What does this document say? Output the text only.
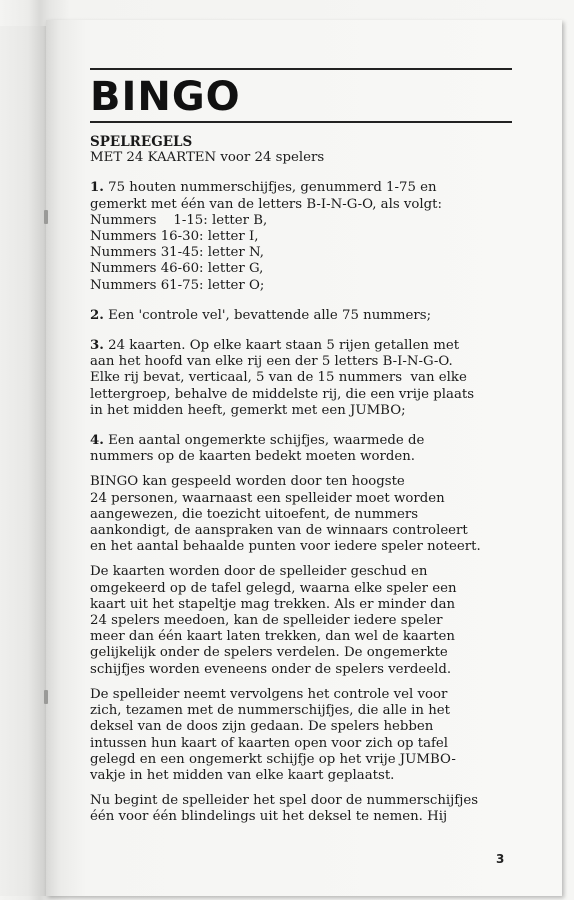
BINGO
SPELREGELS
MET 24 KAARTEN voor 24 spelers
1. 75 houten nummerschijfjes, genummerd 1-75 en
gemerkt met één van de letters B-I-N-G-O, als volgt:
Nummers    1-15: letter B,
Nummers 16-30: letter I,
Nummers 31-45: letter N,
Nummers 46-60: letter G,
Nummers 61-75: letter O;
2. Een 'controle vel', bevattende alle 75 nummers;
3. 24 kaarten. Op elke kaart staan 5 rijen getallen met
aan het hoofd van elke rij een der 5 letters B-I-N-G-O.
Elke rij bevat, verticaal, 5 van de 15 nummers  van elke
lettergroep, behalve de middelste rij, die een vrije plaats
in het midden heeft, gemerkt met een JUMBO;
4. Een aantal ongemerkte schijfjes, waarmede de
nummers op de kaarten bedekt moeten worden.
BINGO kan gespeeld worden door ten hoogste
24 personen, waarnaast een spelleider moet worden
aangewezen, die toezicht uitoefent, de nummers
aankondigt, de aanspraken van de winnaars controleert
en het aantal behaalde punten voor iedere speler noteert.
De kaarten worden door de spelleider geschud en
omgekeerd op de tafel gelegd, waarna elke speler een
kaart uit het stapeltje mag trekken. Als er minder dan
24 spelers meedoen, kan de spelleider iedere speler
meer dan één kaart laten trekken, dan wel de kaarten
gelijkelijk onder de spelers verdelen. De ongemerkte
schijfjes worden eveneens onder de spelers verdeeld.
De spelleider neemt vervolgens het controle vel voor
zich, tezamen met de nummerschijfjes, die alle in het
deksel van de doos zijn gedaan. De spelers hebben
intussen hun kaart of kaarten open voor zich op tafel
gelegd en een ongemerkt schijfje op het vrije JUMBO-
vakje in het midden van elke kaart geplaatst.
Nu begint de spelleider het spel door de nummerschijfjes
één voor één blindelings uit het deksel te nemen. Hij
3
